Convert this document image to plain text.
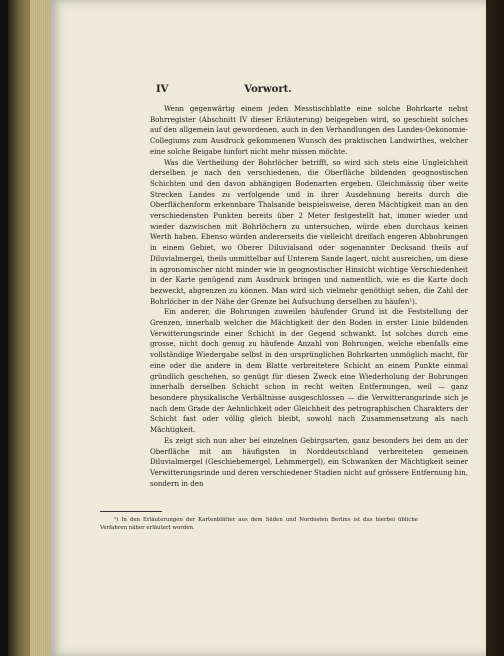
IV	Vorwort.

Wenn gegenwärtig einem jeden Messtischblatte eine solche Bohrkarte nebst Bohrregister (Abschnitt IV dieser Erläuterung) beigegeben wird, so geschieht solches auf den allgemein laut gewordenen, auch in den Verhandlungen des Landes-Oekonomie-Collegiums zum Ausdruck gekommenen Wunsch des praktischen Landwirthes, welcher eine solche Beigabe hinfort nicht mehr missen möchte.

Was die Vertheilung der Bohrlöcher betrifft, so wird sich stets eine Ungleichheit derselben je nach den verschiedenen, die Oberfläche bildenden geognostischen Schichten und den davon abhängigen Bodenarten ergeben. Gleichmässig über weite Strecken Landes zu verfolgende und in ihrer Ausdehnung bereits durch die Oberflächenform erkennbare Thalsande beispielsweise, deren Mächtigkeit man an den verschiedensten Punkten bereits über 2 Meter festgestellt hat, immer wieder und wieder dazwischen mit Bohrlöchern zu untersuchen, würde eben durchaus keinen Werth haben. Ebenso würden andererseits die vielleicht dreifach engeren Abbohrungen in einem Gebiet, wo Oberer Diluvialsand oder sogenannter Decksand theils auf Diluvialmergel, theils unmittelbar auf Unterem Sande lagert, nicht ausreichen, um diese in agronomischer nicht minder wie in geognostischer Hinsicht wichtige Verschiedenheit in der Karte genügend zum Ausdruck bringen und namentlich, wie es die Karte doch bezweckt, abgrenzen zu können. Man wird sich vielmehr genöthigt sehen, die Zahl der Bohrlöcher in der Nähe der Grenze bei Aufsuchung derselben zu häufen¹).

Ein anderer, die Bohrungen zuweilen häufender Grund ist die Feststellung der Grenzen, innerhalb welcher die Mächtigkeit der den Boden in erster Linie bildenden Verwitterungsrinde einer Schicht in der Gegend schwankt. Ist solches durch eine grosse, nicht doch genug zu häufende Anzahl von Bohrungen, welche ebenfalls eine vollständige Wiedergabe selbst in den ursprünglichen Bohrkarten unmöglich macht, für eine oder die andere in dem Blatte verbreitetere Schicht an einem Punkte einmal gründlich geschehen, so genügt für diesen Zweck eine Wiederholung der Bohrungen innerhalb derselben Schicht schon in recht weiten Entfernungen, weil — ganz besondere physikalische Verhältnisse ausgeschlossen — die Verwitterungsrinde sich je nach dem Grade der Aehnlichkeit oder Gleichheit des petrographischen Charakters der Schicht fast oder völlig gleich bleibt, sowohl nach Zusammensetzung als nach Mächtigkeit.

Es zeigt sich nun aber bei einzelnen Gebirgsarten, ganz besonders bei dem an der Oberfläche mit am häufigsten in Norddeutschland verbreiteten gemeinen Diluvialmergel (Geschiebemergel, Lehmmergel), ein Schwanken der Mächtigkeit seiner Verwitterungsrinde und deren verschiedener Stadien nicht auf grössere Entfernung hin, sondern in den

¹) In den Erläuterungen der Kartenblätter aus dem Süden und Nordosten Berlins ist das hierbei übliche Verfahren näher erläutert worden.
